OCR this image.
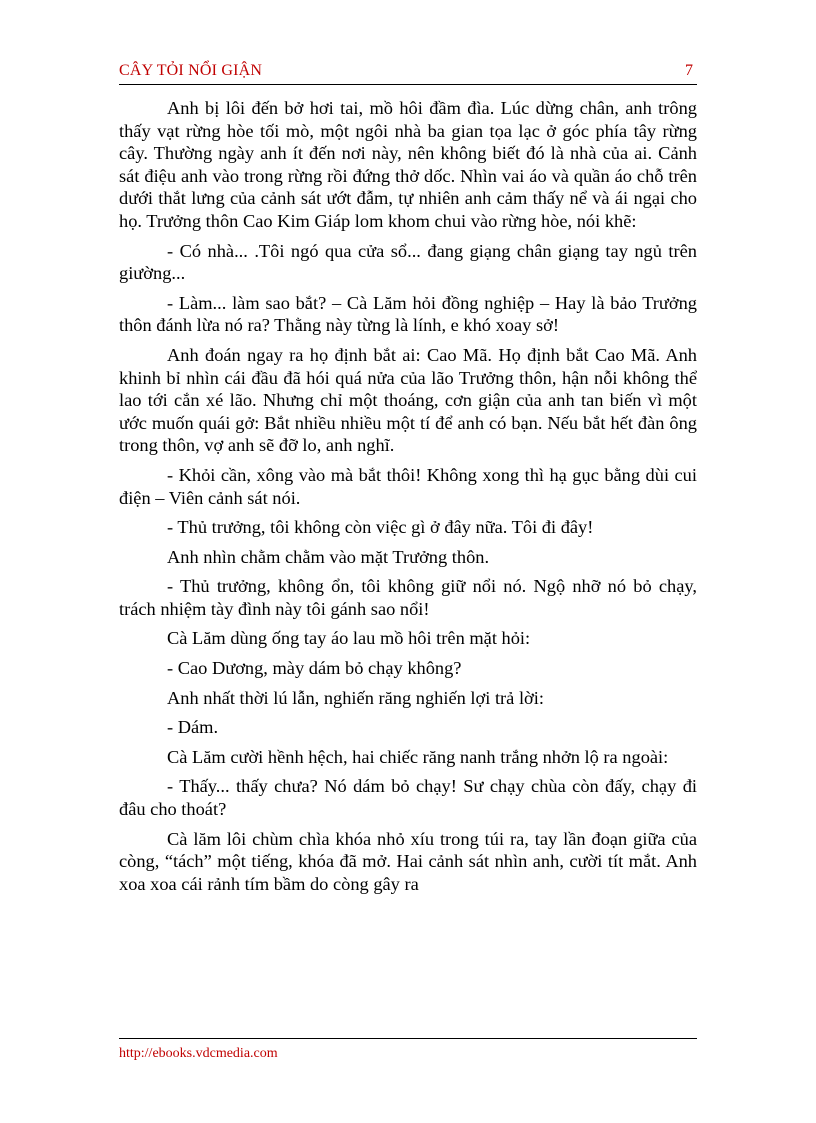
CÂY TỎI NỔI GIẬN	7

Anh bị lôi đến bở hơi tai, mồ hôi đầm đìa. Lúc dừng chân, anh trông thấy vạt rừng hòe tối mò, một ngôi nhà ba gian tọa lạc ở góc phía tây rừng cây. Thường ngày anh ít đến nơi này, nên không biết đó là nhà của ai. Cảnh sát điệu anh vào trong rừng rồi đứng thở dốc. Nhìn vai áo và quần áo chỗ trên dưới thắt lưng của cảnh sát ướt đẫm, tự nhiên anh cảm thấy nể và ái ngại cho họ. Trưởng thôn Cao Kim Giáp lom khom chui vào rừng hòe, nói khẽ:

- Có nhà... .Tôi ngó qua cửa sổ... đang giạng chân giạng tay ngủ trên giường...

- Làm... làm sao bắt? – Cà Lăm hỏi đồng nghiệp – Hay là bảo Trưởng thôn đánh lừa nó ra? Thằng này từng là lính, e khó xoay sở!

Anh đoán ngay ra họ định bắt ai: Cao Mã. Họ định bắt Cao Mã. Anh khinh bỉ nhìn cái đầu đã hói quá nửa của lão Trưởng thôn, hận nỗi không thể lao tới cắn xé lão. Nhưng chỉ một thoáng, cơn giận của anh tan biến vì một ước muốn quái gở: Bắt nhiều nhiều một tí để anh có bạn. Nếu bắt hết đàn ông trong thôn, vợ anh sẽ đỡ lo, anh nghĩ.

- Khỏi cần, xông vào mà bắt thôi! Không xong thì hạ gục bằng dùi cui điện – Viên cảnh sát nói.

- Thủ trưởng, tôi không còn việc gì ở đây nữa. Tôi đi đây!

Anh nhìn chằm chằm vào mặt Trưởng thôn.

- Thủ trưởng, không ổn, tôi không giữ nổi nó. Ngộ nhỡ nó bỏ chạy, trách nhiệm tày đình này tôi gánh sao nổi!

Cà Lăm dùng ống tay áo lau mồ hôi trên mặt hỏi:

- Cao Dương, mày dám bỏ chạy không?

Anh nhất thời lú lẫn, nghiến răng nghiến lợi trả lời:

- Dám.

Cà Lăm cười hềnh hệch, hai chiếc răng nanh trắng nhởn lộ ra ngoài:

- Thấy... thấy chưa? Nó dám bỏ chạy! Sư chạy chùa còn đấy, chạy đi đâu cho thoát?

Cà lăm lôi chùm chìa khóa nhỏ xíu trong túi ra, tay lần đoạn giữa của còng, “tách” một tiếng, khóa đã mở. Hai cảnh sát nhìn anh, cười tít mắt. Anh xoa xoa cái rảnh tím bầm do còng gây ra

http://ebooks.vdcmedia.com
